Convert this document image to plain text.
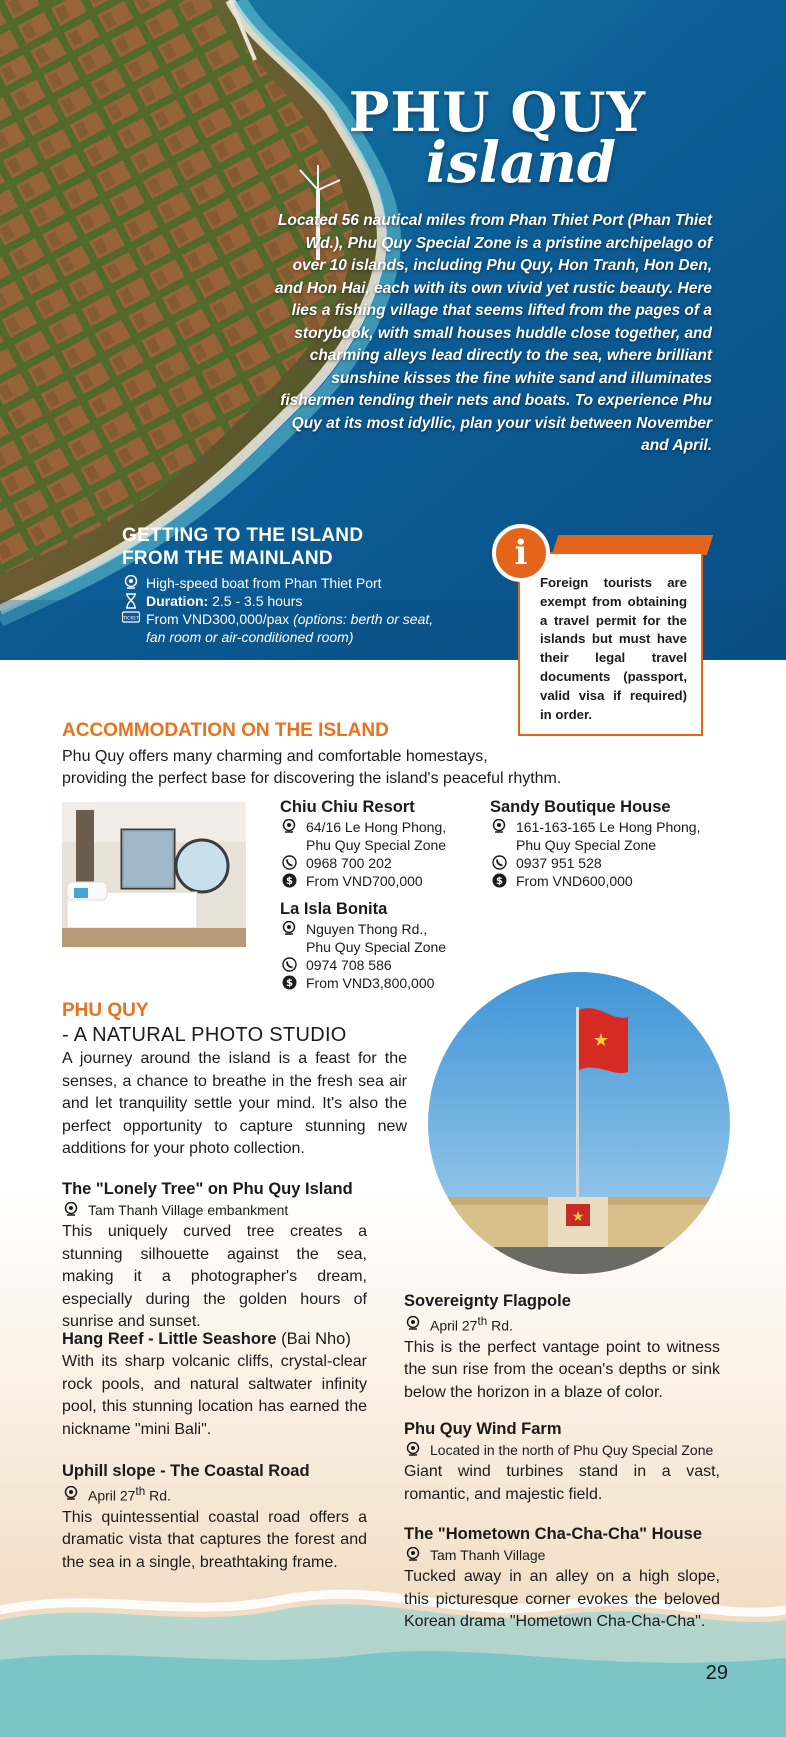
PHU QUY
island

Located 56 nautical miles from Phan Thiet Port (Phan Thiet Wd.), Phu Quy Special Zone is a pristine archipelago of over 10 islands, including Phu Quy, Hon Tranh, Hon Den, and Hon Hai, each with its own vivid yet rustic beauty. Here lies a fishing village that seems lifted from the pages of a storybook, with small houses huddle close together, and charming alleys lead directly to the sea, where brilliant sunshine kisses the fine white sand and illuminates fishermen tending their nets and boats. To experience Phu Quy at its most idyllic, plan your visit between November and April.

GETTING TO THE ISLAND
FROM THE MAINLAND
High-speed boat from Phan Thiet Port
Duration: 2.5 - 3.5 hours
TICKET From VND300,000/pax (options: berth or seat, fan room or air-conditioned room)

Foreign tourists are exempt from obtaining a travel permit for the islands but must have their legal travel documents (passport, valid visa if required) in order.

i
ACCOMMODATION ON THE ISLAND

Phu Quy offers many charming and comfortable homestays,
providing the perfect base for discovering the island's peaceful rhythm.

Chiu Chiu Resort
64/16 Le Hong Phong,
Phu Quy Special Zone
0968 700 202
$ From VND700,000
Sandy Boutique House
161-163-165 Le Hong Phong,
Phu Quy Special Zone
0937 951 528
$ From VND600,000
La Isla Bonita
Nguyen Thong Rd.,
Phu Quy Special Zone
0974 708 586
$ From VND3,800,000
PHU QUY

- A NATURAL PHOTO STUDIO

A journey around the island is a feast for the senses, a chance to breathe in the fresh sea air and let tranquility settle your mind. It's also the perfect opportunity to capture stunning new additions for your photo collection.

★
★
The "Lonely Tree" on Phu Quy Island
Tam Thanh Village embankment

This uniquely curved tree creates a stunning silhouette against the sea, making it a photographer's dream, especially during the golden hours of sunrise and sunset.

Hang Reef - Little Seashore (Bai Nho)

With its sharp volcanic cliffs, crystal-clear rock pools, and natural saltwater infinity pool, this stunning location has earned the nickname "mini Bali".

Uphill slope - The Coastal Road
April 27th Rd.

This quintessential coastal road offers a dramatic vista that captures the forest and the sea in a single, breathtaking frame.

Sovereignty Flagpole
April 27th Rd.

This is the perfect vantage point to witness the sun rise from the ocean's depths or sink below the horizon in a blaze of color.

Phu Quy Wind Farm
Located in the north of Phu Quy Special Zone

Giant wind turbines stand in a vast, romantic, and majestic field.

The "Hometown Cha-Cha-Cha" House
Tam Thanh Village

Tucked away in an alley on a high slope, this picturesque corner evokes the beloved Korean drama "Hometown Cha-Cha-Cha".

29
